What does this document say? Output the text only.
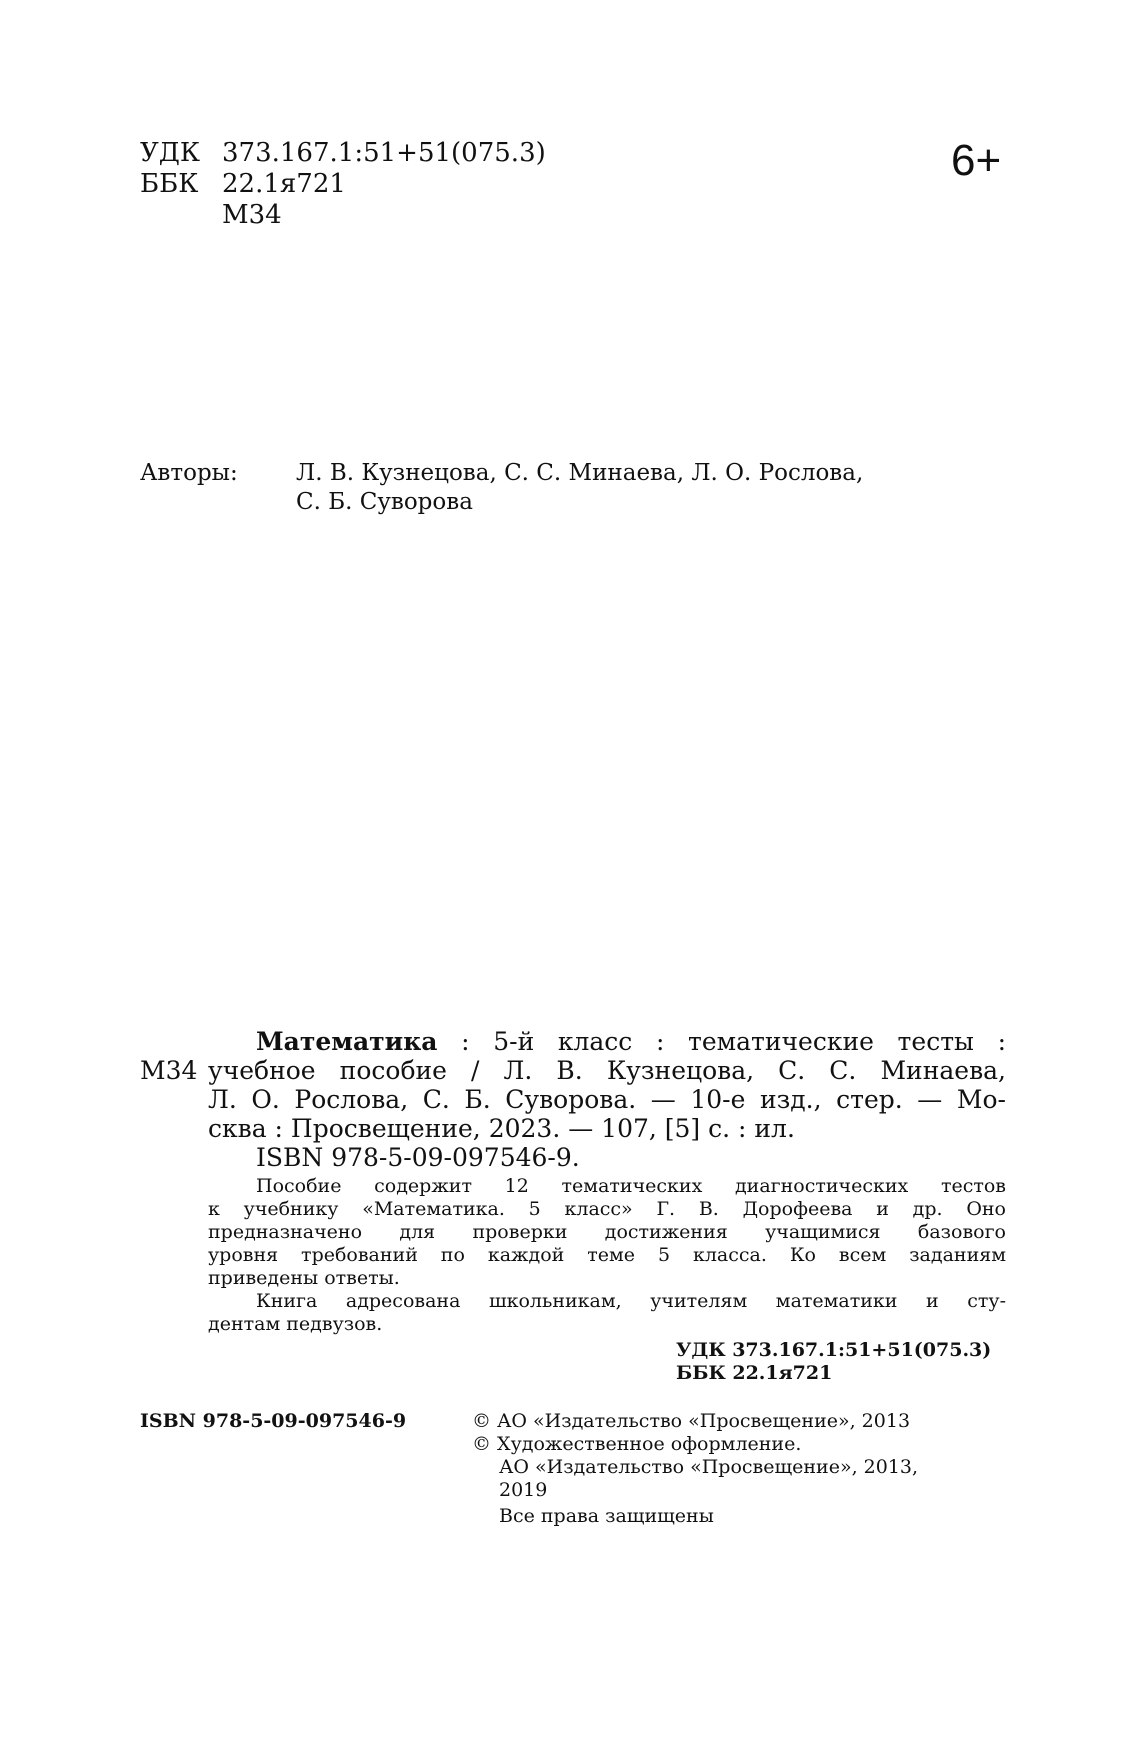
УДК 373.167.1:51+51(075.3)
ББК 22.1я721
М34
6+
Авторы:	Л. В. Кузнецова, С. С. Минаева, Л. О. Рослова,
С. Б. Суворова
Математика : 5-й класс : тематические тесты :
М34 учебное пособие / Л. В. Кузнецова, С. С. Минаева,
Л. О. Рослова, С. Б. Суворова. — 10-е изд., стер. — Мо-
сква : Просвещение, 2023. — 107, [5] с. : ил.
ISBN 978-5-09-097546-9.
Пособие содержит 12 тематических диагностических тестов
к учебнику «Математика. 5 класс» Г. В. Дорофеева и др. Оно
предназначено для проверки достижения учащимися базового
уровня требований по каждой теме 5 класса. Ко всем заданиям
приведены ответы.
Книга адресована школьникам, учителям математики и сту-
дентам педвузов.
УДК 373.167.1:51+51(075.3)
ББК 22.1я721
ISBN 978-5-09-097546-9	© АО «Издательство «Просвещение», 2013
© Художественное оформление.
АО «Издательство «Просвещение», 2013,
2019
Все права защищены
